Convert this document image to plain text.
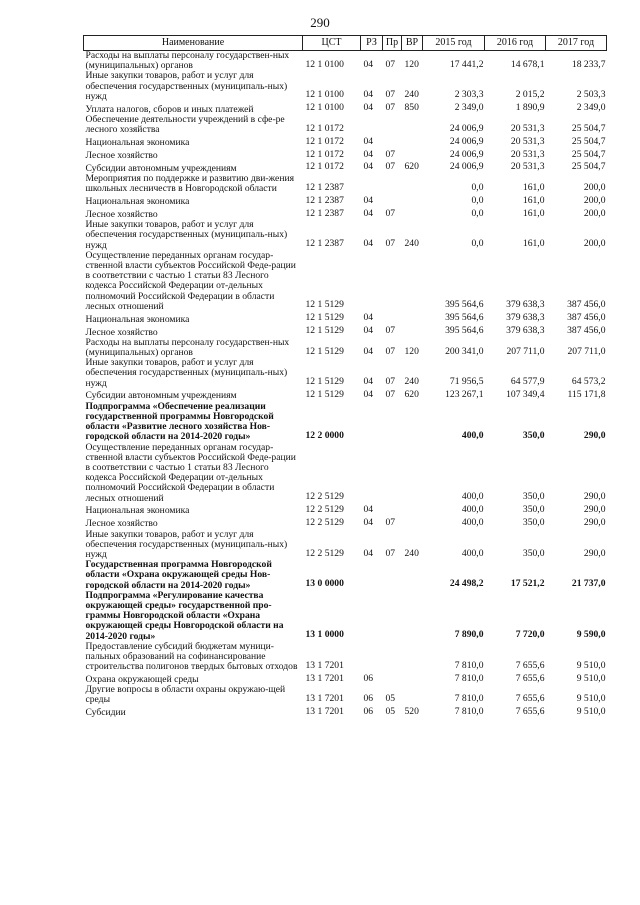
290
Наименование	ЦСТ	РЗ	Пр	ВР	2015 год	2016 год	2017 год
Расходы на выплаты персоналу государствен-ных (муниципальных) органов	12 1 0100	04	07	120	17 441,2	14 678,1	18 233,7
Иные закупки товаров, работ и услуг для обеспечения государственных (муниципаль-ных) нужд	12 1 0100	04	07	240	2 303,3	2 015,2	2 503,3
Уплата налогов, сборов и иных платежей	12 1 0100	04	07	850	2 349,0	1 890,9	2 349,0
Обеспечение деятельности учреждений в сфе-ре лесного хозяйства	12 1 0172				24 006,9	20 531,3	25 504,7
Национальная экономика	12 1 0172	04			24 006,9	20 531,3	25 504,7
Лесное хозяйство	12 1 0172	04	07		24 006,9	20 531,3	25 504,7
Субсидии автономным учреждениям	12 1 0172	04	07	620	24 006,9	20 531,3	25 504,7
Мероприятия по поддержке и развитию дви-жения школьных лесничеств в Новгородской области	12 1 2387				0,0	161,0	200,0
Национальная экономика	12 1 2387	04			0,0	161,0	200,0
Лесное хозяйство	12 1 2387	04	07		0,0	161,0	200,0
Иные закупки товаров, работ и услуг для обеспечения государственных (муниципаль-ных) нужд	12 1 2387	04	07	240	0,0	161,0	200,0
Осуществление переданных органам государ-ственной власти субъектов Российской Феде-рации в соответствии с частью 1 статьи 83 Лесного кодекса Российской Федерации от-дельных полномочий Российской Федерации в области лесных отношений	12 1 5129				395 564,6	379 638,3	387 456,0
Национальная экономика	12 1 5129	04			395 564,6	379 638,3	387 456,0
Лесное хозяйство	12 1 5129	04	07		395 564,6	379 638,3	387 456,0
Расходы на выплаты персоналу государствен-ных (муниципальных) органов	12 1 5129	04	07	120	200 341,0	207 711,0	207 711,0
Иные закупки товаров, работ и услуг для обеспечения государственных (муниципаль-ных) нужд	12 1 5129	04	07	240	71 956,5	64 577,9	64 573,2
Субсидии автономным учреждениям	12 1 5129	04	07	620	123 267,1	107 349,4	115 171,8
Подпрограмма «Обеспечение реализации государственной программы Новгородской области «Развитие лесного хозяйства Нов-городской области на 2014-2020 годы»	12 2 0000				400,0	350,0	290,0
Осуществление переданных органам государ-ственной власти субъектов Российской Феде-рации в соответствии с частью 1 статьи 83 Лесного кодекса Российской Федерации от-дельных полномочий Российской Федерации в области лесных отношений	12 2 5129				400,0	350,0	290,0
Национальная экономика	12 2 5129	04			400,0	350,0	290,0
Лесное хозяйство	12 2 5129	04	07		400,0	350,0	290,0
Иные закупки товаров, работ и услуг для обеспечения государственных (муниципаль-ных) нужд	12 2 5129	04	07	240	400,0	350,0	290,0
Государственная программа Новгородской области «Охрана окружающей среды Нов-городской области на 2014-2020 годы»	13 0 0000				24 498,2	17 521,2	21 737,0
Подпрограмма «Регулирование качества окружающей среды» государственной про-граммы Новгородской области «Охрана окружающей среды Новгородской области на 2014-2020 годы»	13 1 0000				7 890,0	7 720,0	9 590,0
Предоставление субсидий бюджетам муници-пальных образований на софинансирование строительства полигонов твердых бытовых отходов	13 1 7201				7 810,0	7 655,6	9 510,0
Охрана окружающей среды	13 1 7201	06			7 810,0	7 655,6	9 510,0
Другие вопросы в области охраны окружаю-щей среды	13 1 7201	06	05		7 810,0	7 655,6	9 510,0
Субсидии	13 1 7201	06	05	520	7 810,0	7 655,6	9 510,0
